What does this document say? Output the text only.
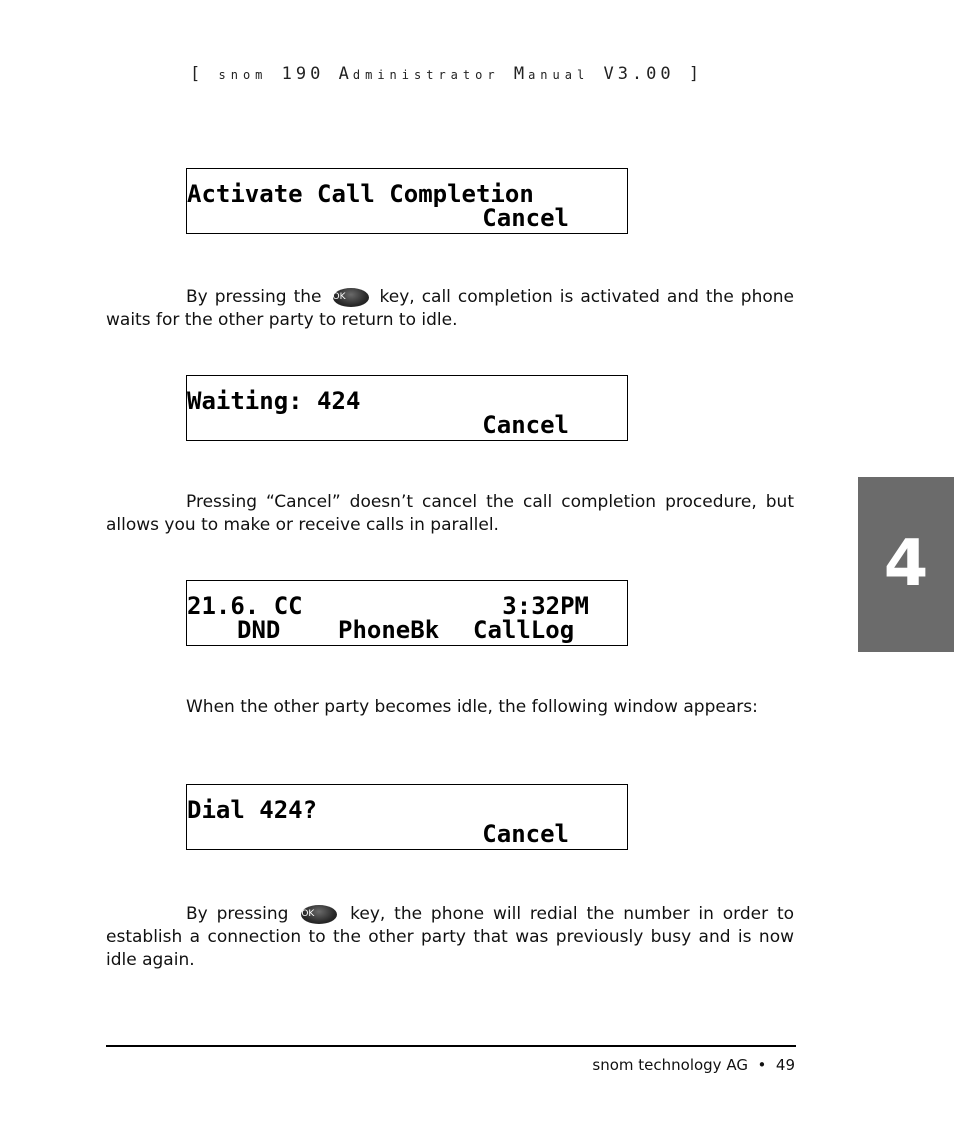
[ snom 190 Administrator Manual V3.00 ]
Activate Call Completion
Cancel
By pressing the OK key, call completion is activated and the phone waits for the other party to return to idle.
Waiting: 424
Cancel
Pressing “Cancel” doesn’t cancel the call completion procedure, but allows you to make or receive calls in parallel.
21.6. CC	3:32PM
DND PhoneBk CallLog
When the other party becomes idle, the following window appears:
Dial 424?
Cancel
By pressing OK key, the phone will redial the number in order to establish a connection to the other party that was previously busy and is now idle again.
4
snom technology AG • 49
